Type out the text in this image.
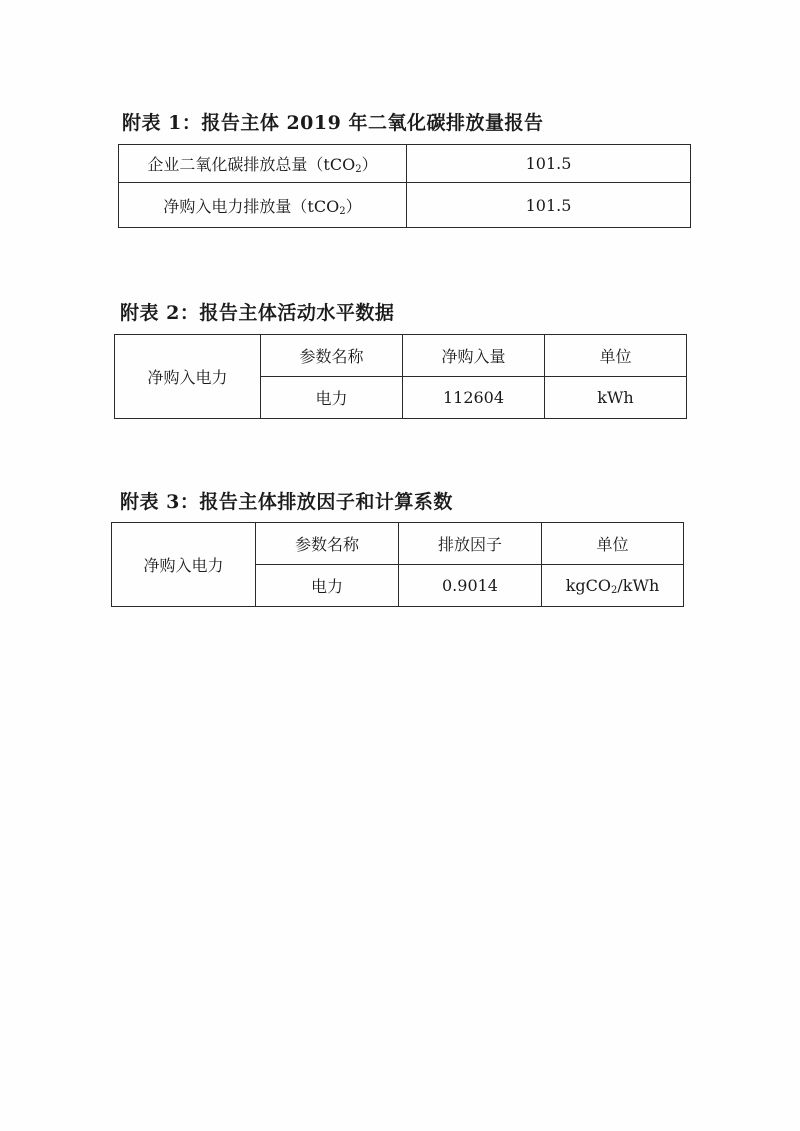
附表 1：报告主体 2019 年二氧化碳排放量报告
企业二氧化碳排放总量（tCO$_2$）	101.5
净购入电力排放量（tCO$_2$）	101.5
附表 2：报告主体活动水平数据
净购入电力	参数名称	净购入量	单位
	电力	112604	kWh
附表 3：报告主体排放因子和计算系数
净购入电力	参数名称	排放因子	单位
	电力	0.9014	kgCO$_2$/kWh
